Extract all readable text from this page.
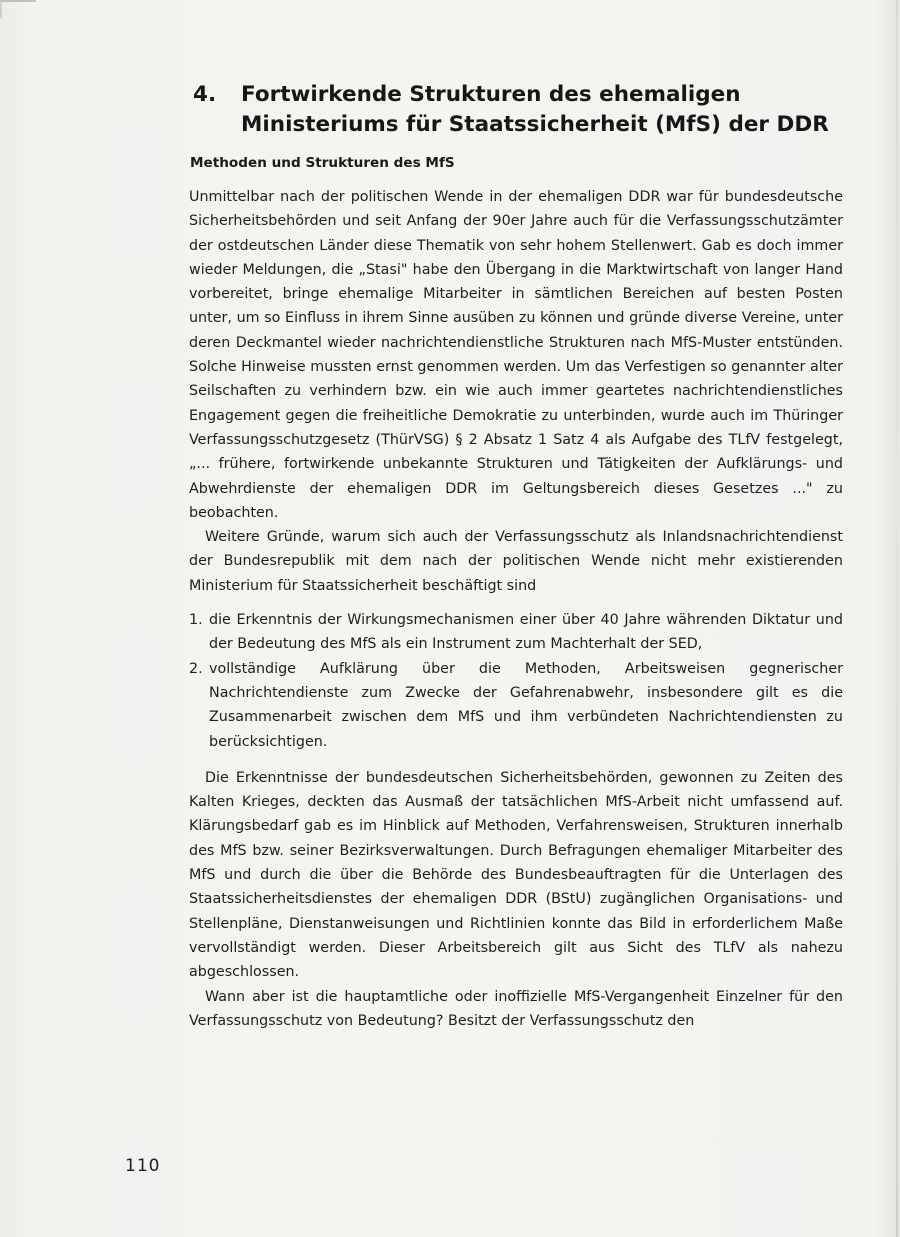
4. Fortwirkende Strukturen des ehemaligen Ministeriums für Staatssicherheit (MfS) der DDR
Methoden und Strukturen des MfS

Unmittelbar nach der politischen Wende in der ehemaligen DDR war für bundesdeutsche Sicherheitsbehörden und seit Anfang der 90er Jahre auch für die Verfassungsschutzämter der ostdeutschen Länder diese Thematik von sehr hohem Stellenwert. Gab es doch immer wieder Meldungen, die „Stasi" habe den Übergang in die Marktwirtschaft von langer Hand vorbereitet, bringe ehemalige Mitarbeiter in sämtlichen Bereichen auf besten Posten unter, um so Einfluss in ihrem Sinne ausüben zu können und gründe diverse Vereine, unter deren Deckmantel wieder nachrichtendienstliche Strukturen nach MfS-Muster entstünden. Solche Hinweise mussten ernst genommen werden. Um das Verfestigen so genannter alter Seilschaften zu verhindern bzw. ein wie auch immer geartetes nachrichtendienstliches Engagement gegen die freiheitliche Demokratie zu unterbinden, wurde auch im Thüringer Verfassungsschutzgesetz (ThürVSG) § 2 Absatz 1 Satz 4 als Aufgabe des TLfV festgelegt, „... frühere, fortwirkende unbekannte Strukturen und Tätigkeiten der Aufklärungs- und Abwehrdienste der ehemaligen DDR im Geltungsbereich dieses Gesetzes ..." zu beobachten.

Weitere Gründe, warum sich auch der Verfassungsschutz als Inlandsnachrichtendienst der Bundesrepublik mit dem nach der politischen Wende nicht mehr existierenden Ministerium für Staatssicherheit beschäftigt sind

1. die Erkenntnis der Wirkungsmechanismen einer über 40 Jahre währenden Diktatur und der Bedeutung des MfS als ein Instrument zum Machterhalt der SED,
2. vollständige Aufklärung über die Methoden, Arbeitsweisen gegnerischer Nachrichtendienste zum Zwecke der Gefahrenabwehr, insbesondere gilt es die Zusammenarbeit zwischen dem MfS und ihm verbündeten Nachrichtendiensten zu berücksichtigen.

Die Erkenntnisse der bundesdeutschen Sicherheitsbehörden, gewonnen zu Zeiten des Kalten Krieges, deckten das Ausmaß der tatsächlichen MfS-Arbeit nicht umfassend auf. Klärungsbedarf gab es im Hinblick auf Methoden, Verfahrensweisen, Strukturen innerhalb des MfS bzw. seiner Bezirksverwaltungen. Durch Befragungen ehemaliger Mitarbeiter des MfS und durch die über die Behörde des Bundesbeauftragten für die Unterlagen des Staatssicherheitsdienstes der ehemaligen DDR (BStU) zugänglichen Organisations- und Stellenpläne, Dienstanweisungen und Richtlinien konnte das Bild in erforderlichem Maße vervollständigt werden. Dieser Arbeitsbereich gilt aus Sicht des TLfV als nahezu abgeschlossen.

Wann aber ist die hauptamtliche oder inoffizielle MfS-Vergangenheit Einzelner für den Verfassungsschutz von Bedeutung? Besitzt der Verfassungsschutz den

110
